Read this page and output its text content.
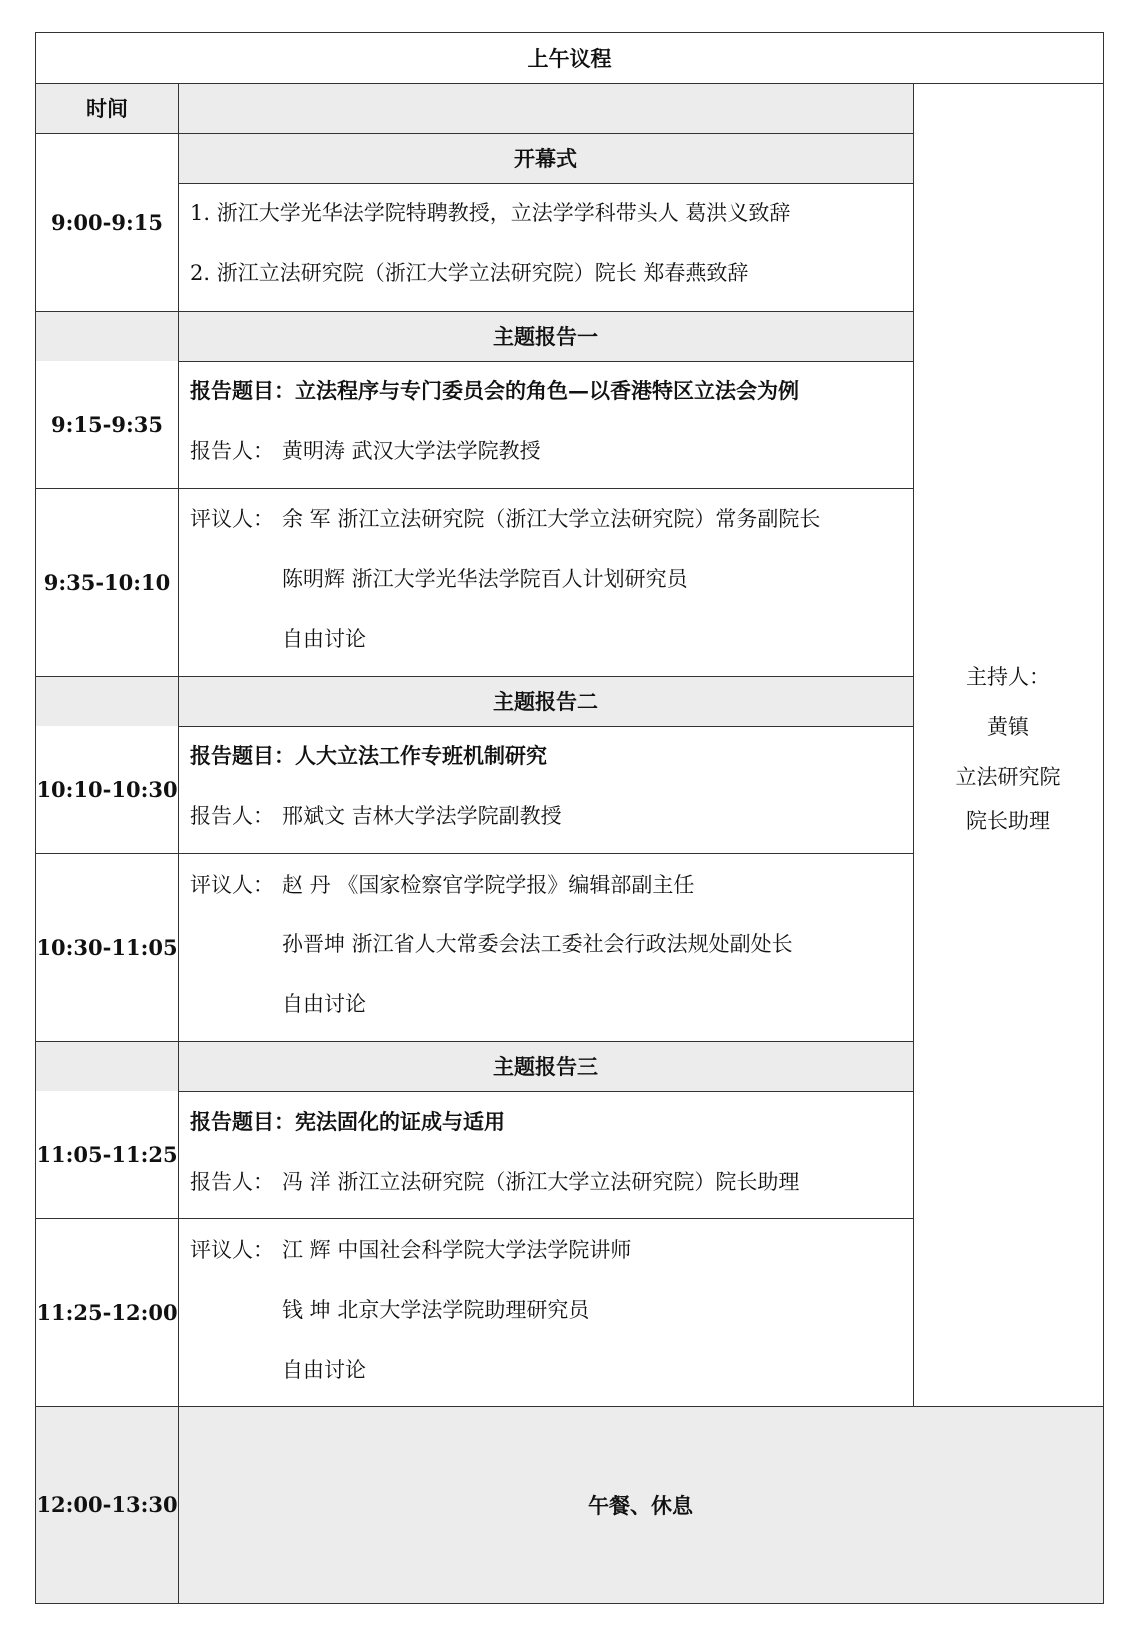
上午议程
时间
9:00-9:15
开幕式
1. 浙江大学光华法学院特聘教授，立法学学科带头人 葛洪义致辞
2. 浙江立法研究院（浙江大学立法研究院）院长 郑春燕致辞
主题报告一
9:15-9:35
报告题目：立法程序与专门委员会的角色—以香港特区立法会为例
报告人： 黄明涛 武汉大学法学院教授
9:35-10:10
评议人： 余 军 浙江立法研究院（浙江大学立法研究院）常务副院长
陈明辉 浙江大学光华法学院百人计划研究员
自由讨论
主题报告二
10:10-10:30
报告题目：人大立法工作专班机制研究
报告人： 邢斌文 吉林大学法学院副教授
10:30-11:05
评议人： 赵 丹 《国家检察官学院学报》编辑部副主任
孙晋坤 浙江省人大常委会法工委社会行政法规处副处长
自由讨论
主题报告三
11:05-11:25
报告题目：宪法固化的证成与适用
报告人： 冯 洋 浙江立法研究院（浙江大学立法研究院）院长助理
11:25-12:00
评议人： 江 辉 中国社会科学院大学法学院讲师
钱 坤 北京大学法学院助理研究员
自由讨论
主持人：
黄镇
立法研究院
院长助理
12:00-13:30	午餐、休息
